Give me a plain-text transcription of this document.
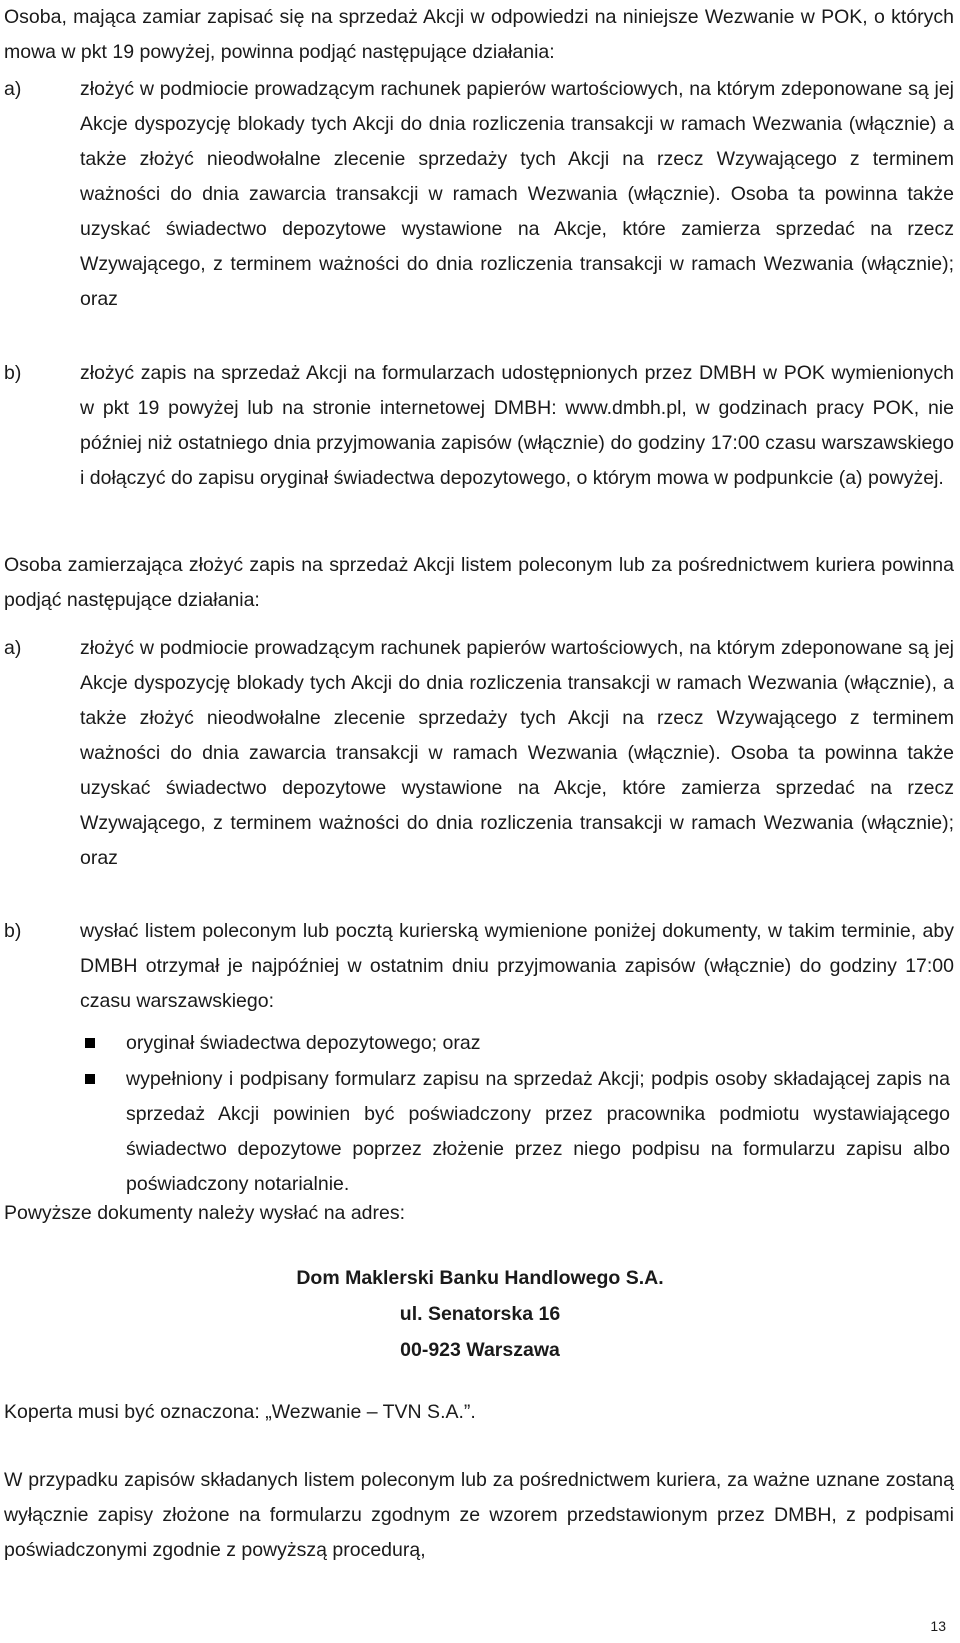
Osoba, mająca zamiar zapisać się na sprzedaż Akcji w odpowiedzi na niniejsze Wezwanie w POK, o których mowa w pkt 19 powyżej, powinna podjąć następujące działania:

a)	złożyć w podmiocie prowadzącym rachunek papierów wartościowych, na którym zdeponowane są jej Akcje dyspozycję blokady tych Akcji do dnia rozliczenia transakcji w ramach Wezwania (włącznie) a także złożyć nieodwołalne zlecenie sprzedaży tych Akcji na rzecz Wzywającego z terminem ważności do dnia zawarcia transakcji w ramach Wezwania (włącznie). Osoba ta powinna także uzyskać świadectwo depozytowe wystawione na Akcje, które zamierza sprzedać na rzecz Wzywającego, z terminem ważności do dnia rozliczenia transakcji w ramach Wezwania (włącznie); oraz

b)	złożyć zapis na sprzedaż Akcji na formularzach udostępnionych przez DMBH w POK wymienionych w pkt 19 powyżej lub na stronie internetowej DMBH: www.dmbh.pl, w godzinach pracy POK, nie później niż ostatniego dnia przyjmowania zapisów (włącznie) do godziny 17:00 czasu warszawskiego i dołączyć do zapisu oryginał świadectwa depozytowego, o którym mowa w podpunkcie (a) powyżej.

Osoba zamierzająca złożyć zapis na sprzedaż Akcji listem poleconym lub za pośrednictwem kuriera powinna podjąć następujące działania:

a)	złożyć w podmiocie prowadzącym rachunek papierów wartościowych, na którym zdeponowane są jej Akcje dyspozycję blokady tych Akcji do dnia rozliczenia transakcji w ramach Wezwania (włącznie), a także złożyć nieodwołalne zlecenie sprzedaży tych Akcji na rzecz Wzywającego z terminem ważności do dnia zawarcia transakcji w ramach Wezwania (włącznie). Osoba ta powinna także uzyskać świadectwo depozytowe wystawione na Akcje, które zamierza sprzedać na rzecz Wzywającego, z terminem ważności do dnia rozliczenia transakcji w ramach Wezwania (włącznie); oraz

b)	wysłać listem poleconym lub pocztą kurierską wymienione poniżej dokumenty, w takim terminie, aby DMBH otrzymał je najpóźniej w ostatnim dniu przyjmowania zapisów (włącznie) do godziny 17:00 czasu warszawskiego:

oryginał świadectwa depozytowego; oraz

wypełniony i podpisany formularz zapisu na sprzedaż Akcji; podpis osoby składającej zapis na sprzedaż Akcji powinien być poświadczony przez pracownika podmiotu wystawiającego świadectwo depozytowe poprzez złożenie przez niego podpisu na formularzu zapisu albo poświadczony notarialnie.

Powyższe dokumenty należy wysłać na adres:

Dom Maklerski Banku Handlowego S.A.
ul. Senatorska 16
00-923 Warszawa

Koperta musi być oznaczona: „Wezwanie – TVN S.A.”.

W przypadku zapisów składanych listem poleconym lub za pośrednictwem kuriera, za ważne uznane zostaną wyłącznie zapisy złożone na formularzu zgodnym ze wzorem przedstawionym przez DMBH, z podpisami poświadczonymi zgodnie z powyższą procedurą,

13
